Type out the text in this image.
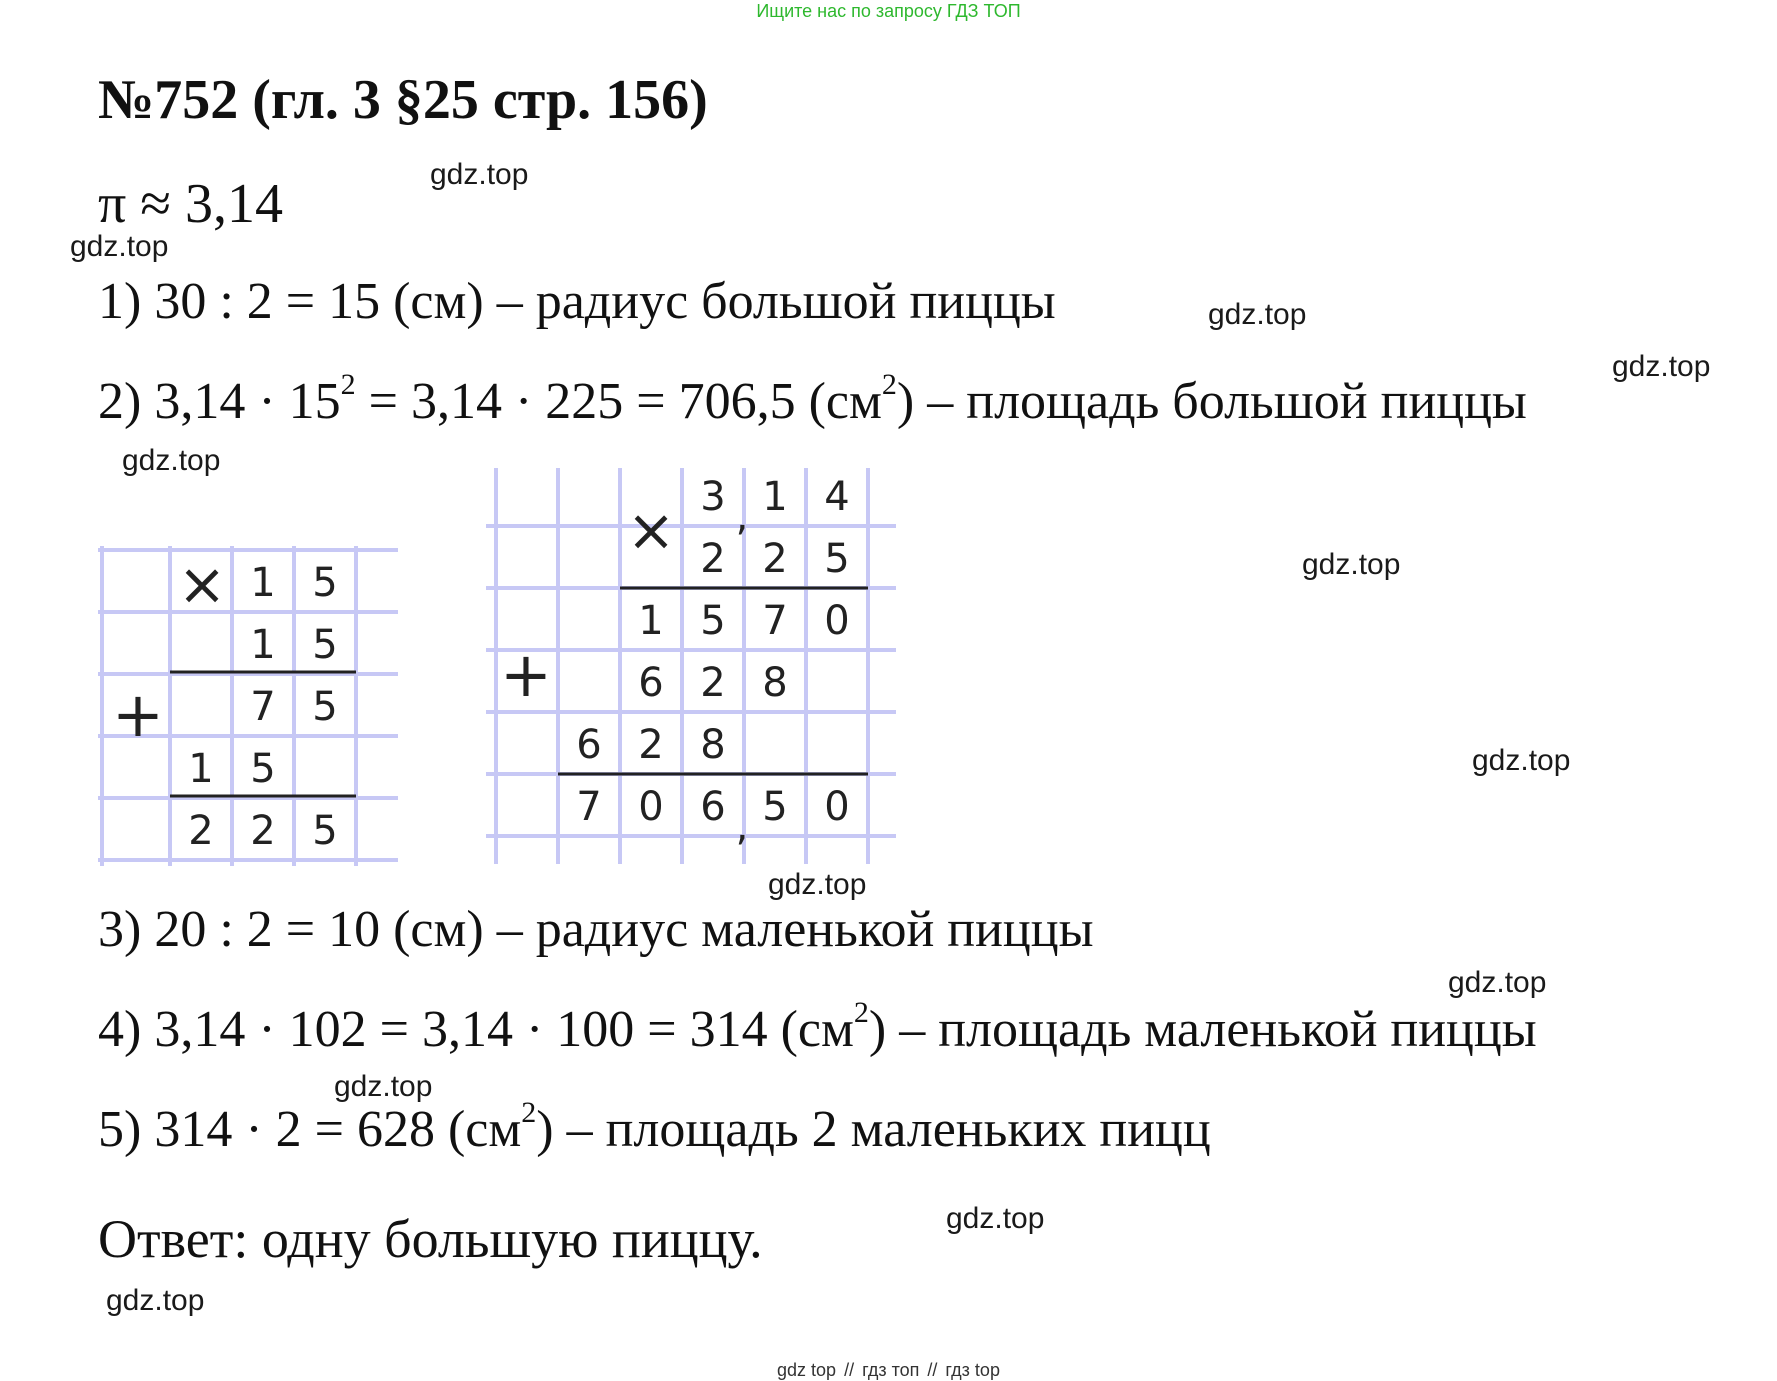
Ищите нас по запросу ГДЗ ТОП
№752 (гл. 3 §25 стр. 156)
π ≈ 3,14
1) 30 : 2 = 15 (см) – радиус большой пиццы
2) $3,14 \cdot 15^2 = 3,14 \cdot 225 = 706,5$ $(см^2)$ – площадь большой пиццы
×
+
1 5
1 5
7 5
1 5
2 2 5
×
+
3 , 1 4
2 2 5
1 5 7 0
6 2 8
6 2 8
7 0 6 , 5 0
3) 20 : 2 = 10 (см) – радиус маленькой пиццы
4) 3,14 · 102 = 3,14 · 100 = 314 $(см^2)$ – площадь маленькой пиццы
5) 314 · 2 = 628 $(см^2)$ – площадь 2 маленьких пицц
Ответ: одну большую пиццу.
gdz.top
gdz.top
gdz.top
gdz.top
gdz.top
gdz.top
gdz.top
gdz.top
gdz.top
gdz.top
gdz.top
gdz.top
gdz top // гдз топ // гдз top
